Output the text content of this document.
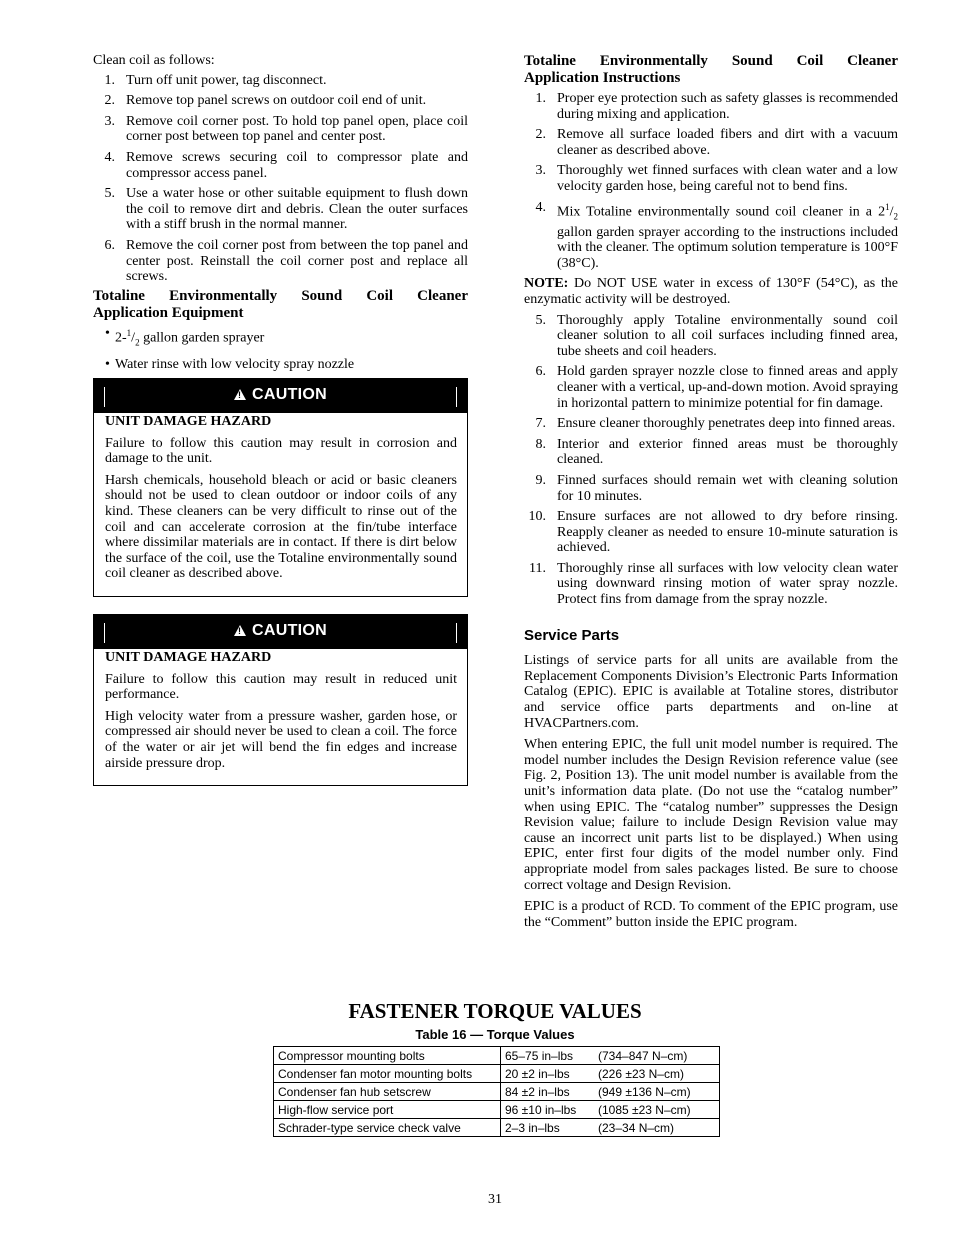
Clean coil as follows:

1. Turn off unit power, tag disconnect.
2. Remove top panel screws on outdoor coil end of unit.
3. Remove coil corner post. To hold top panel open, place coil corner post between top panel and center post.
4. Remove screws securing coil to compressor plate and compressor access panel.
5. Use a water hose or other suitable equipment to flush down the coil to remove dirt and debris. Clean the outer surfaces with a stiff brush in the normal manner.
6. Remove the coil corner post from between the top panel and center post. Reinstall the coil corner post and replace all screws.
Totaline Environmentally Sound Coil Cleaner
Application Equipment
• $2-^1/_2$ gallon garden sprayer
• Water rinse with low velocity spray nozzle
!CAUTION

UNIT DAMAGE HAZARD

Failure to follow this caution may result in corrosion and damage to the unit.

Harsh chemicals, household bleach or acid or basic cleaners should not be used to clean outdoor or indoor coils of any kind. These cleaners can be very difficult to rinse out of the coil and can accelerate corrosion at the fin/tube interface where dissimilar materials are in contact. If there is dirt below the surface of the coil, use the Totaline environmentally sound coil cleaner as described above.

!CAUTION

UNIT DAMAGE HAZARD

Failure to follow this caution may result in reduced unit performance.

High velocity water from a pressure washer, garden hose, or compressed air should never be used to clean a coil. The force of the water or air jet will bend the fin edges and increase airside pressure drop.

Totaline Environmentally Sound Coil Cleaner
Application Instructions
1. Proper eye protection such as safety glasses is recommended during mixing and application.
2. Remove all surface loaded fibers and dirt with a vacuum cleaner as described above.
3. Thoroughly wet finned surfaces with clean water and a low velocity garden hose, being careful not to bend fins.
4. Mix Totaline environmentally sound coil cleaner in a $2^1/_2$ gallon garden sprayer according to the instructions included with the cleaner. The optimum solution temperature is 100°F (38°C).

NOTE: Do NOT USE water in excess of 130°F (54°C), as the enzymatic activity will be destroyed.

5. Thoroughly apply Totaline environmentally sound coil cleaner solution to all coil surfaces including finned area, tube sheets and coil headers.
6. Hold garden sprayer nozzle close to finned areas and apply cleaner with a vertical, up-and-down motion. Avoid spraying in horizontal pattern to minimize potential for fin damage.
7. Ensure cleaner thoroughly penetrates deep into finned areas.
8. Interior and exterior finned areas must be thoroughly cleaned.
9. Finned surfaces should remain wet with cleaning solution for 10 minutes.
10. Ensure surfaces are not allowed to dry before rinsing. Reapply cleaner as needed to ensure 10-minute saturation is achieved.
11. Thoroughly rinse all surfaces with low velocity clean water using downward rinsing motion of water spray nozzle. Protect fins from damage from the spray nozzle.

Service Parts

Listings of service parts for all units are available from the Replacement Components Division’s Electronic Parts Information Catalog (EPIC). EPIC is available at Totaline stores, distributor and service office parts departments and on-line at HVACPartners.com.

When entering EPIC, the full unit model number is required. The model number includes the Design Revision reference value (see Fig. 2, Position 13). The unit model number is available from the unit’s information data plate. (Do not use the “catalog number” when using EPIC. The “catalog number” suppresses the Design Revision value; failure to include Design Revision value may cause an incorrect unit parts list to be displayed.) When using EPIC, enter first four digits of the model number only. Find appropriate model from sales packages listed. Be sure to choose correct voltage and Design Revision.

EPIC is a product of RCD. To comment of the EPIC program, use the “Comment” button inside the EPIC program.

FASTENER TORQUE VALUES
Table 16 — Torque Values
Compressor mounting bolts	65–75 in–lbs (734–847 N–cm)
Condenser fan motor mounting bolts	20 ±2 in–lbs (226 ±23 N–cm)
Condenser fan hub setscrew	84 ±2 in–lbs (949 ±136 N–cm)
High-flow service port	96 ±10 in–lbs (1085 ±23 N–cm)
Schrader-type service check valve	2–3 in–lbs (23–34 N–cm)
31
